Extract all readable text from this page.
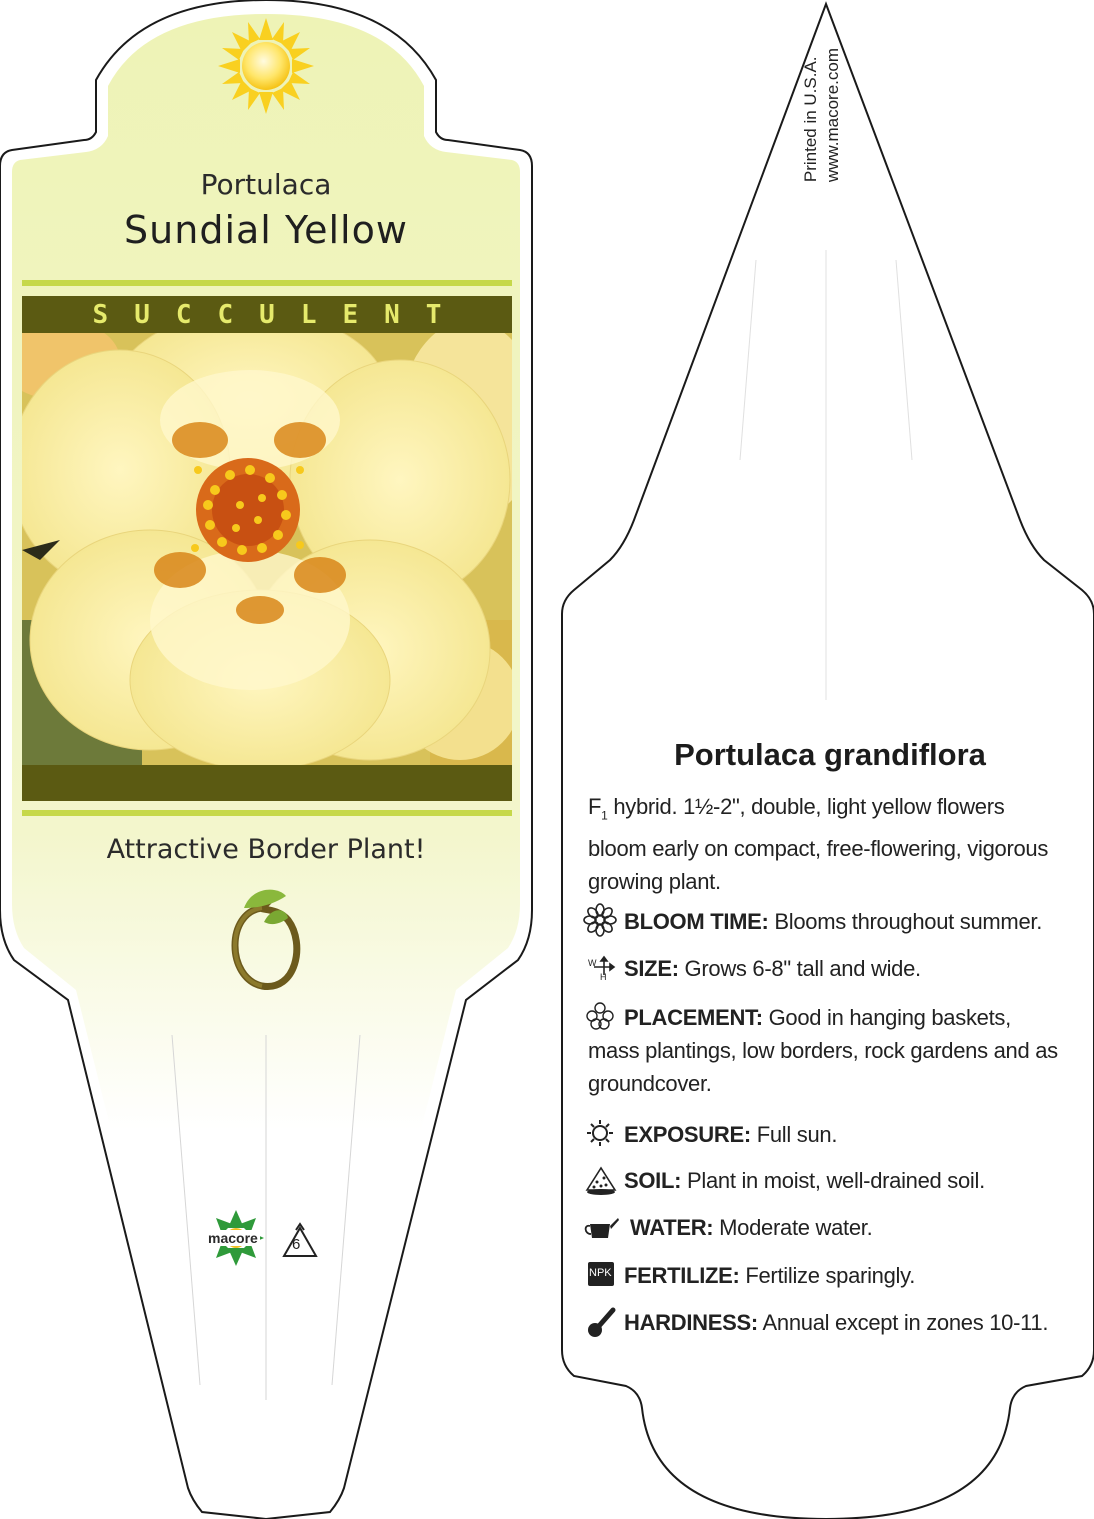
Portulaca
Sundial Yellow
SUCCULENT
Attractive Border Plant!
macore 6
Printed in U.S.A. www.macore.com
Portulaca grandiflora
$F_1$ hybrid. 1½-2", double, light yellow flowers bloom early on compact, free-flowering, vigorous growing plant.
BLOOM TIME: Blooms throughout summer.
SIZE: Grows 6-8" tall and wide.
PLACEMENT: Good in hanging baskets, mass plantings, low borders, rock gardens and as groundcover.
EXPOSURE: Full sun.
SOIL: Plant in moist, well-drained soil.
WATER: Moderate water.
FERTILIZE: Fertilize sparingly.
HARDINESS: Annual except in zones 10-11.
W
H
NPK
